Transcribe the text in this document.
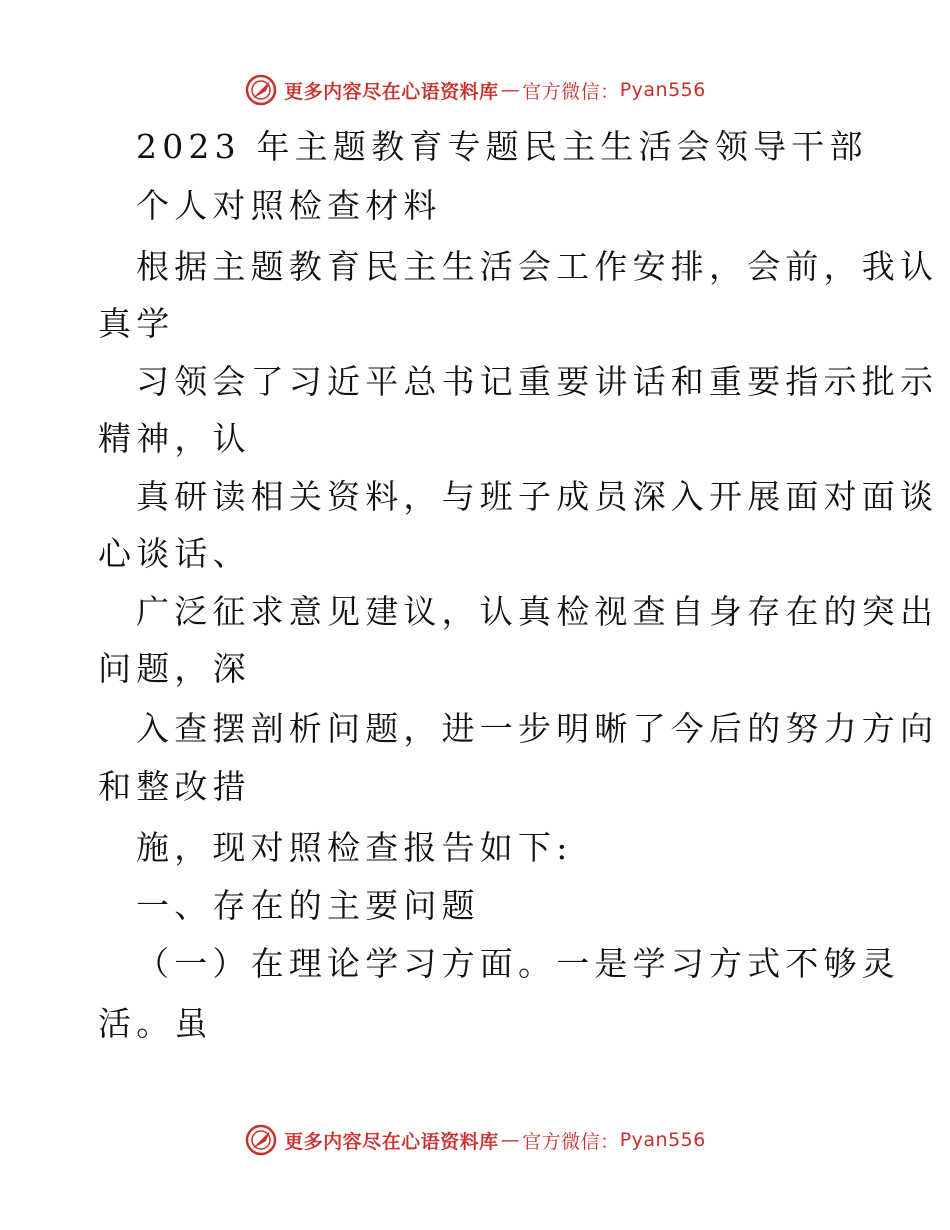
更多内容尽在心语资料库 — 官方微信： Pyan556
2023 年主题教育专题民主生活会领导干部
个人对照检查材料
根据主题教育民主生活会工作安排，会前，我认
真学
习领会了习近平总书记重要讲话和重要指示批示
精神，认
真研读相关资料，与班子成员深入开展面对面谈
心谈话、
广泛征求意见建议，认真检视查自身存在的突出
问题，深
入查摆剖析问题，进一步明晰了今后的努力方向
和整改措
施，现对照检查报告如下:
一、存在的主要问题
（一）在理论学习方面。一是学习方式不够灵
活。虽
更多内容尽在心语资料库 — 官方微信： Pyan556
